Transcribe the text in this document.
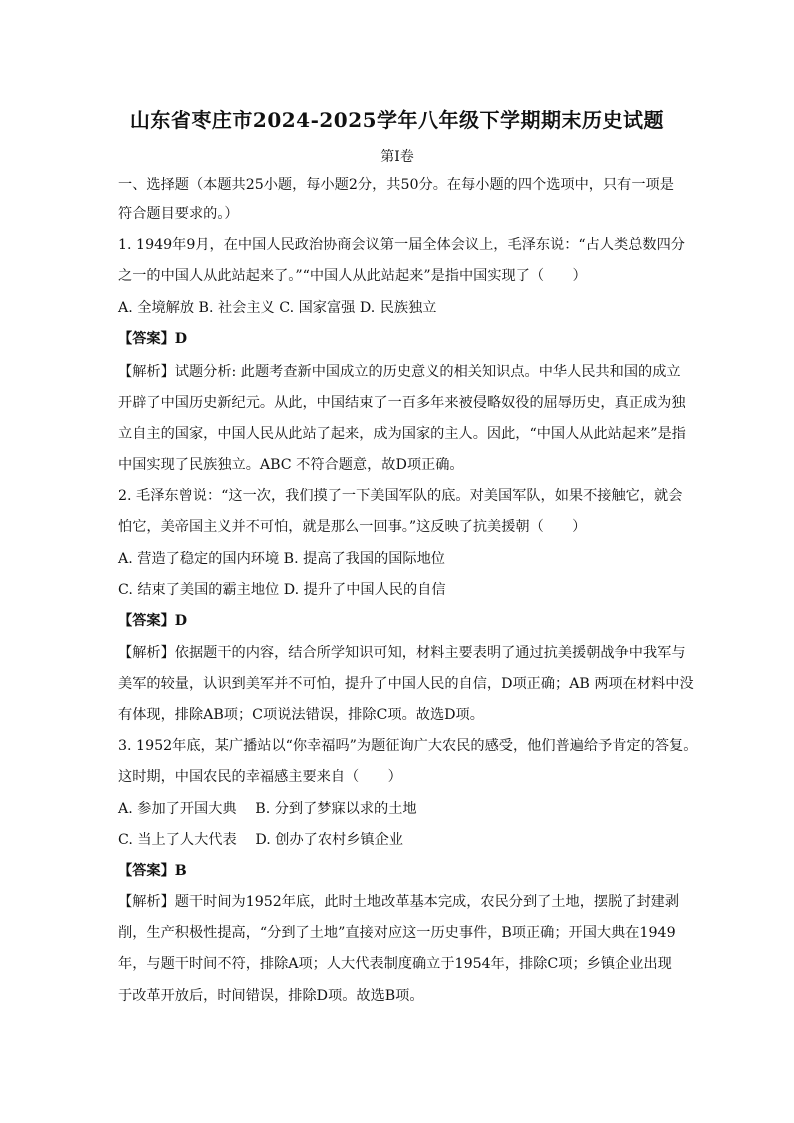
山东省枣庄市2024-2025学年八年级下学期期末历史试题
第I卷
一、选择题（本题共25小题，每小题2分，共50分。在每小题的四个选项中，只有一项是
符合题目要求的。）
1. 1949年9月，在中国人民政治协商会议第一届全体会议上，毛泽东说：“占人类总数四分
之一的中国人从此站起来了。”“中国人从此站起来”是指中国实现了（　　）
A. 全境解放 B. 社会主义 C. 国家富强 D. 民族独立
【答案】D
【解析】试题分析: 此题考查新中国成立的历史意义的相关知识点。中华人民共和国的成立
开辟了中国历史新纪元。从此，中国结束了一百多年来被侵略奴役的屈辱历史，真正成为独
立自主的国家，中国人民从此站了起来，成为国家的主人。因此，“中国人从此站起来”是指
中国实现了民族独立。ABC 不符合题意，故D项正确。
2. 毛泽东曾说：“这一次，我们摸了一下美国军队的底。对美国军队，如果不接触它，就会
怕它，美帝国主义并不可怕，就是那么一回事。”这反映了抗美援朝（　　）
A. 营造了稳定的国内环境 B. 提高了我国的国际地位
C. 结束了美国的霸主地位 D. 提升了中国人民的自信
【答案】D
【解析】依据题干的内容，结合所学知识可知，材料主要表明了通过抗美援朝战争中我军与
美军的较量，认识到美军并不可怕，提升了中国人民的自信，D项正确；AB 两项在材料中没
有体现，排除AB项；C项说法错误，排除C项。故选D项。
3. 1952年底，某广播站以“你幸福吗”为题征询广大农民的感受，他们普遍给予肯定的答复。
这时期，中国农民的幸福感主要来自（　　）
A. 参加了开国大典　 B. 分到了梦寐以求的土地
C. 当上了人大代表　 D. 创办了农村乡镇企业
【答案】B
【解析】题干时间为1952年底，此时土地改革基本完成，农民分到了土地，摆脱了封建剥
削，生产积极性提高，“分到了土地”直接对应这一历史事件，B项正确；开国大典在1949
年，与题干时间不符，排除A项；人大代表制度确立于1954年，排除C项；乡镇企业出现
于改革开放后，时间错误，排除D项。故选B项。
